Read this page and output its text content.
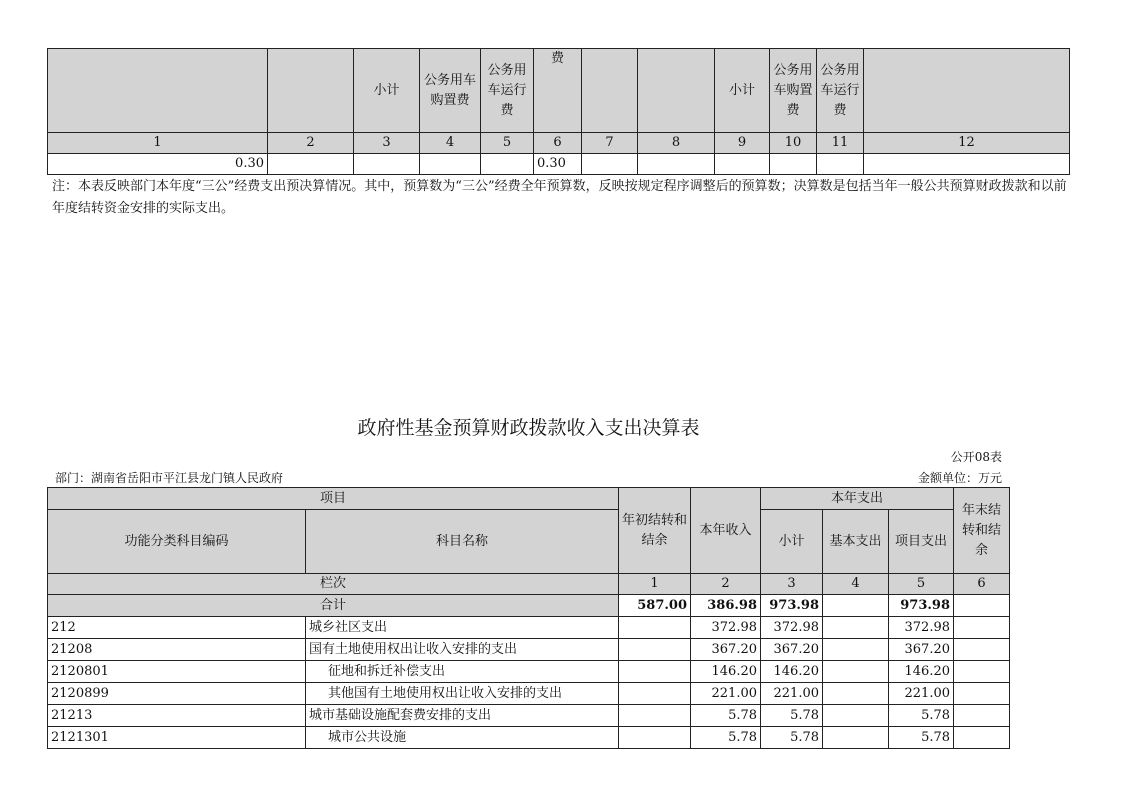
		小计	公务用车购置费	公务用车运行费	费			小计	公务用车购置费	公务用车运行费	
1	2	3	4	5	6	7	8	9	10	11	12
0.30					0.30						
注：本表反映部门本年度“三公”经费支出预决算情况。其中，预算数为“三公”经费全年预算数，反映按规定程序调整后的预算数；决算数是包括当年一般公共预算财政拨款和以前年度结转资金安排的实际支出。
政府性基金预算财政拨款收入支出决算表
公开08表
部门：湖南省岳阳市平江县龙门镇人民政府	金额单位：万元
项目		年初结转和结余	本年收入	本年支出			年末结转和结余
功能分类科目编码	科目名称			小计	基本支出	项目支出	
栏次		1	2	3	4	5	6
合计		587.00	386.98	973.98		973.98	
212	城乡社区支出		372.98	372.98		372.98	
21208	国有土地使用权出让收入安排的支出		367.20	367.20		367.20	
2120801	征地和拆迁补偿支出		146.20	146.20		146.20	
2120899	其他国有土地使用权出让收入安排的支出		221.00	221.00		221.00	
21213	城市基础设施配套费安排的支出		5.78	5.78		5.78	
2121301	城市公共设施		5.78	5.78		5.78	
